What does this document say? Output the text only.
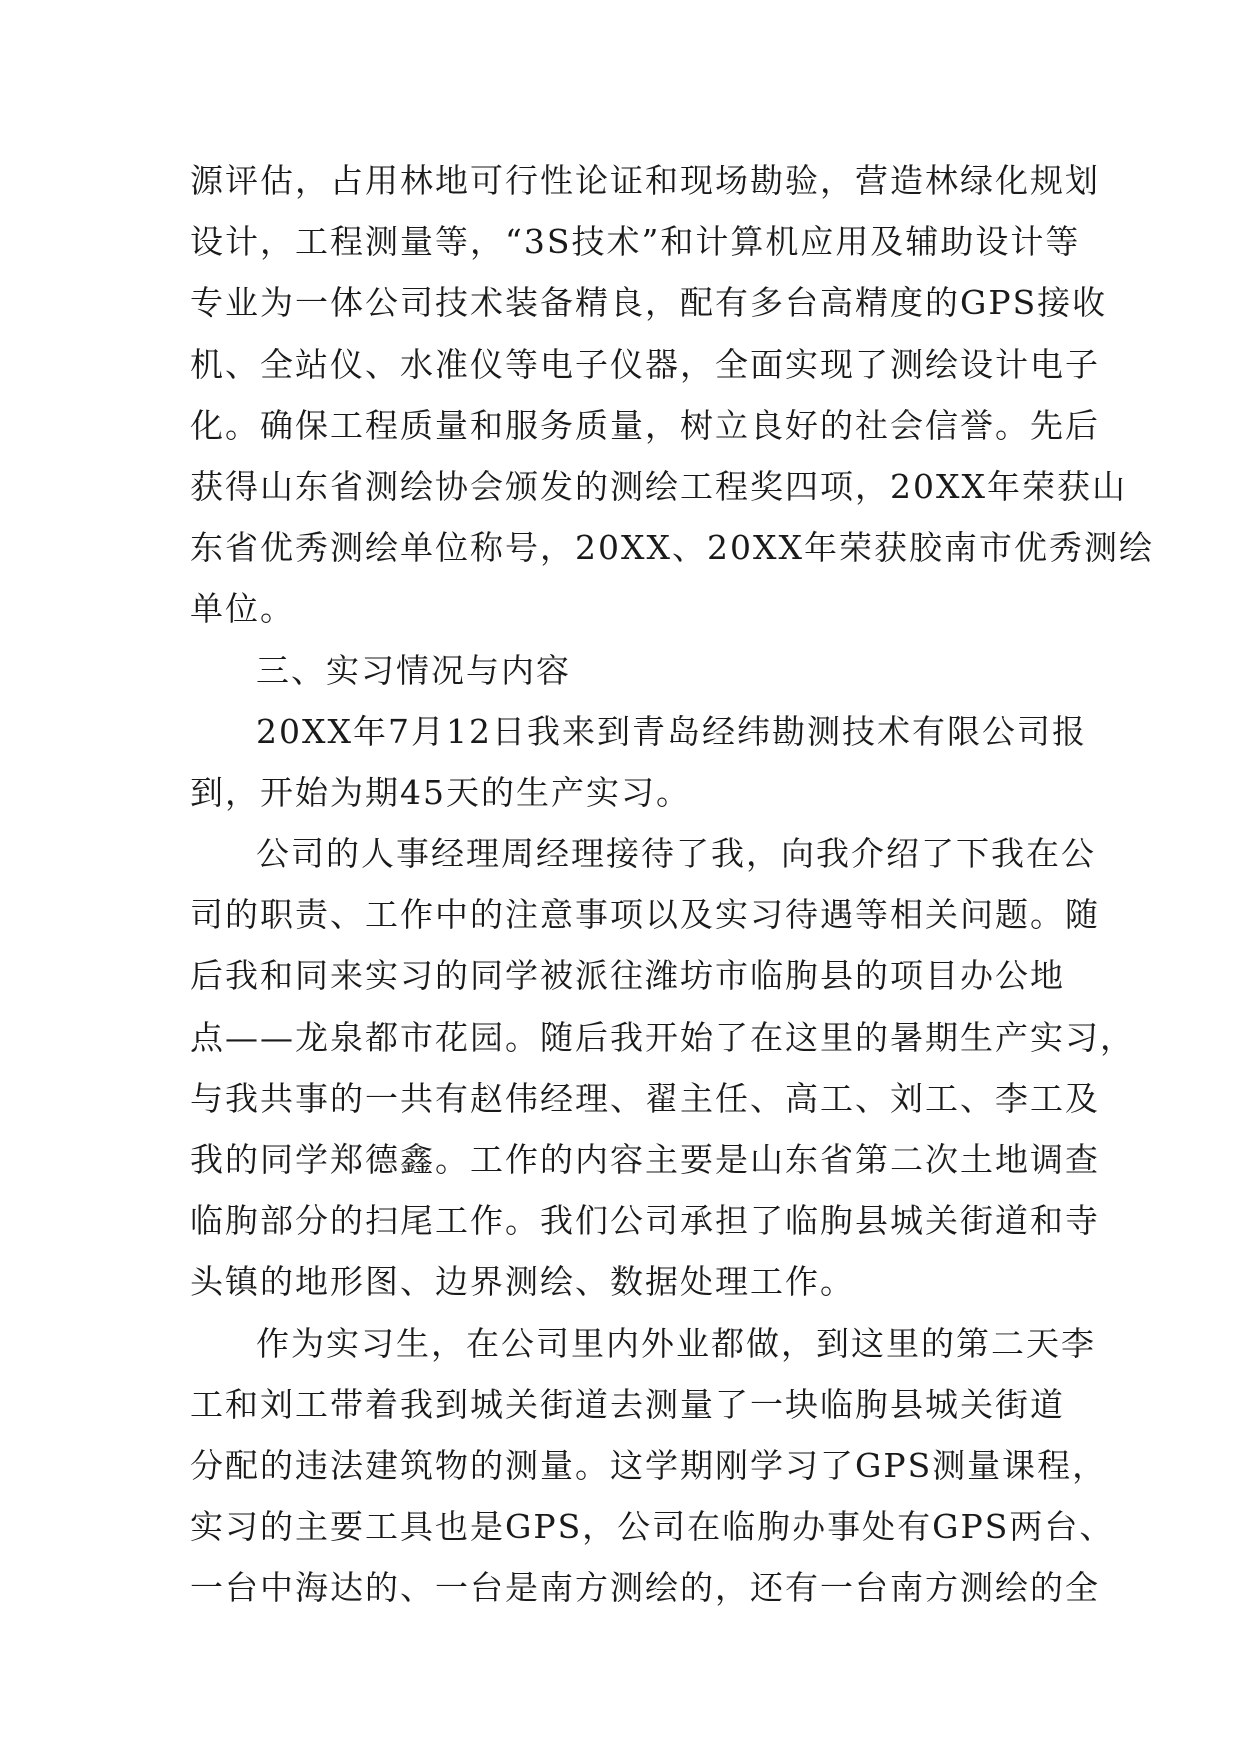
源评估，占用林地可行性论证和现场勘验，营造林绿化规划
设计，工程测量等，“3S技术”和计算机应用及辅助设计等
专业为一体公司技术装备精良，配有多台高精度的GPS接收
机、全站仪、水准仪等电子仪器，全面实现了测绘设计电子
化。确保工程质量和服务质量，树立良好的社会信誉。先后
获得山东省测绘协会颁发的测绘工程奖四项，20XX年荣获山
东省优秀测绘单位称号，20XX、20XX年荣获胶南市优秀测绘
单位。
三、实习情况与内容
20XX年7月12日我来到青岛经纬勘测技术有限公司报
到，开始为期45天的生产实习。
公司的人事经理周经理接待了我，向我介绍了下我在公
司的职责、工作中的注意事项以及实习待遇等相关问题。随
后我和同来实习的同学被派往潍坊市临朐县的项目办公地
点——龙泉都市花园。随后我开始了在这里的暑期生产实习，
与我共事的一共有赵伟经理、翟主任、高工、刘工、李工及
我的同学郑德鑫。工作的内容主要是山东省第二次土地调查
临朐部分的扫尾工作。我们公司承担了临朐县城关街道和寺
头镇的地形图、边界测绘、数据处理工作。
作为实习生，在公司里内外业都做，到这里的第二天李
工和刘工带着我到城关街道去测量了一块临朐县城关街道
分配的违法建筑物的测量。这学期刚学习了GPS测量课程，
实习的主要工具也是GPS，公司在临朐办事处有GPS两台、
一台中海达的、一台是南方测绘的，还有一台南方测绘的全
